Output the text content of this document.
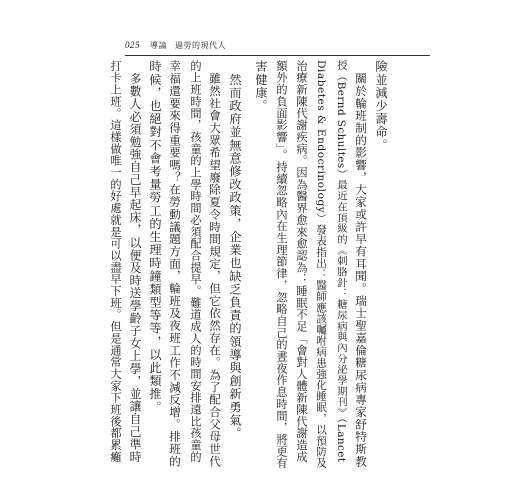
025 導論 過勞的現代人
險並減少壽命。
　關於輪班制的影響，大家或許早有耳聞。瑞士聖嘉倫糖尿病專家舒特斯教
授（Bernd Schultes）最近在頂級的《刺胳針：糖尿病與內分泌學期刊》（Lancet
Diabetes & Endocrinology）發表指出：醫師應該囑咐病患強化睡眠，以預防及
治療新陳代謝疾病。因為醫界愈來愈認為：睡眠不足「會對人體新陳代謝造成
額外的負面影響」。持續忽略內在生理節律，忽略自己的晝夜作息時間，將更有
害健康。
　然而政府並無意修改政策，企業也缺乏負責的領導與創新勇氣。
　雖然社會大眾希望廢除夏令時間規定，但它依然存在。為了配合父母世代
的上班時間，孩童的上學時間必須配合提早。難道成人的時間安排遠比孩童的
幸福還要來得重要嗎？在勞動議題方面，輪班及夜班工作不減反增。排班的
時候，也絕對不會考量勞工的生理時鐘類型等等，以此類推。
　多數人必須勉強自己早起床，以便及時送學齡子女上學，並讓自己準時
打卡上班。這樣做唯一的好處就是可以盡早下班。但是通常大家下班後都累癱
